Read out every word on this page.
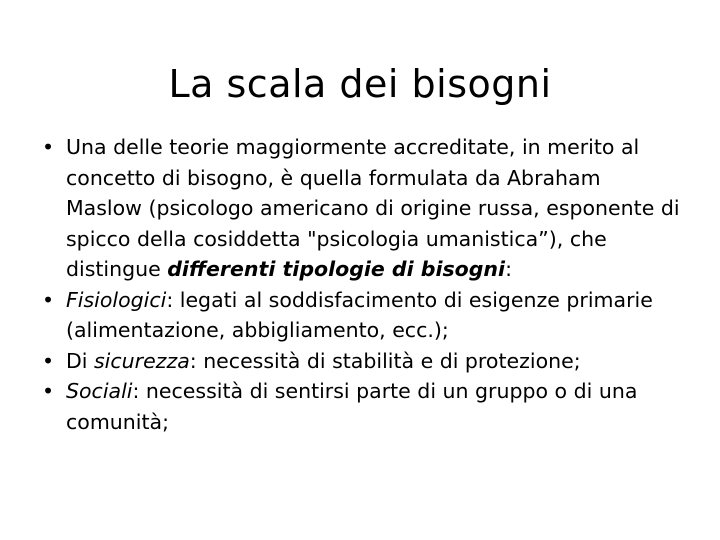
La scala dei bisogni
• Una delle teorie maggiormente accreditate, in merito al concetto di bisogno, è quella formulata da Abraham Maslow (psicologo americano di origine russa, esponente di spicco della cosiddetta "psicologia umanistica”), che distingue differenti tipologie di bisogni:
• Fisiologici: legati al soddisfacimento di esigenze primarie (alimentazione, abbigliamento, ecc.);
• Di sicurezza: necessità di stabilità e di protezione;
• Sociali: necessità di sentirsi parte di un gruppo o di una comunità;
